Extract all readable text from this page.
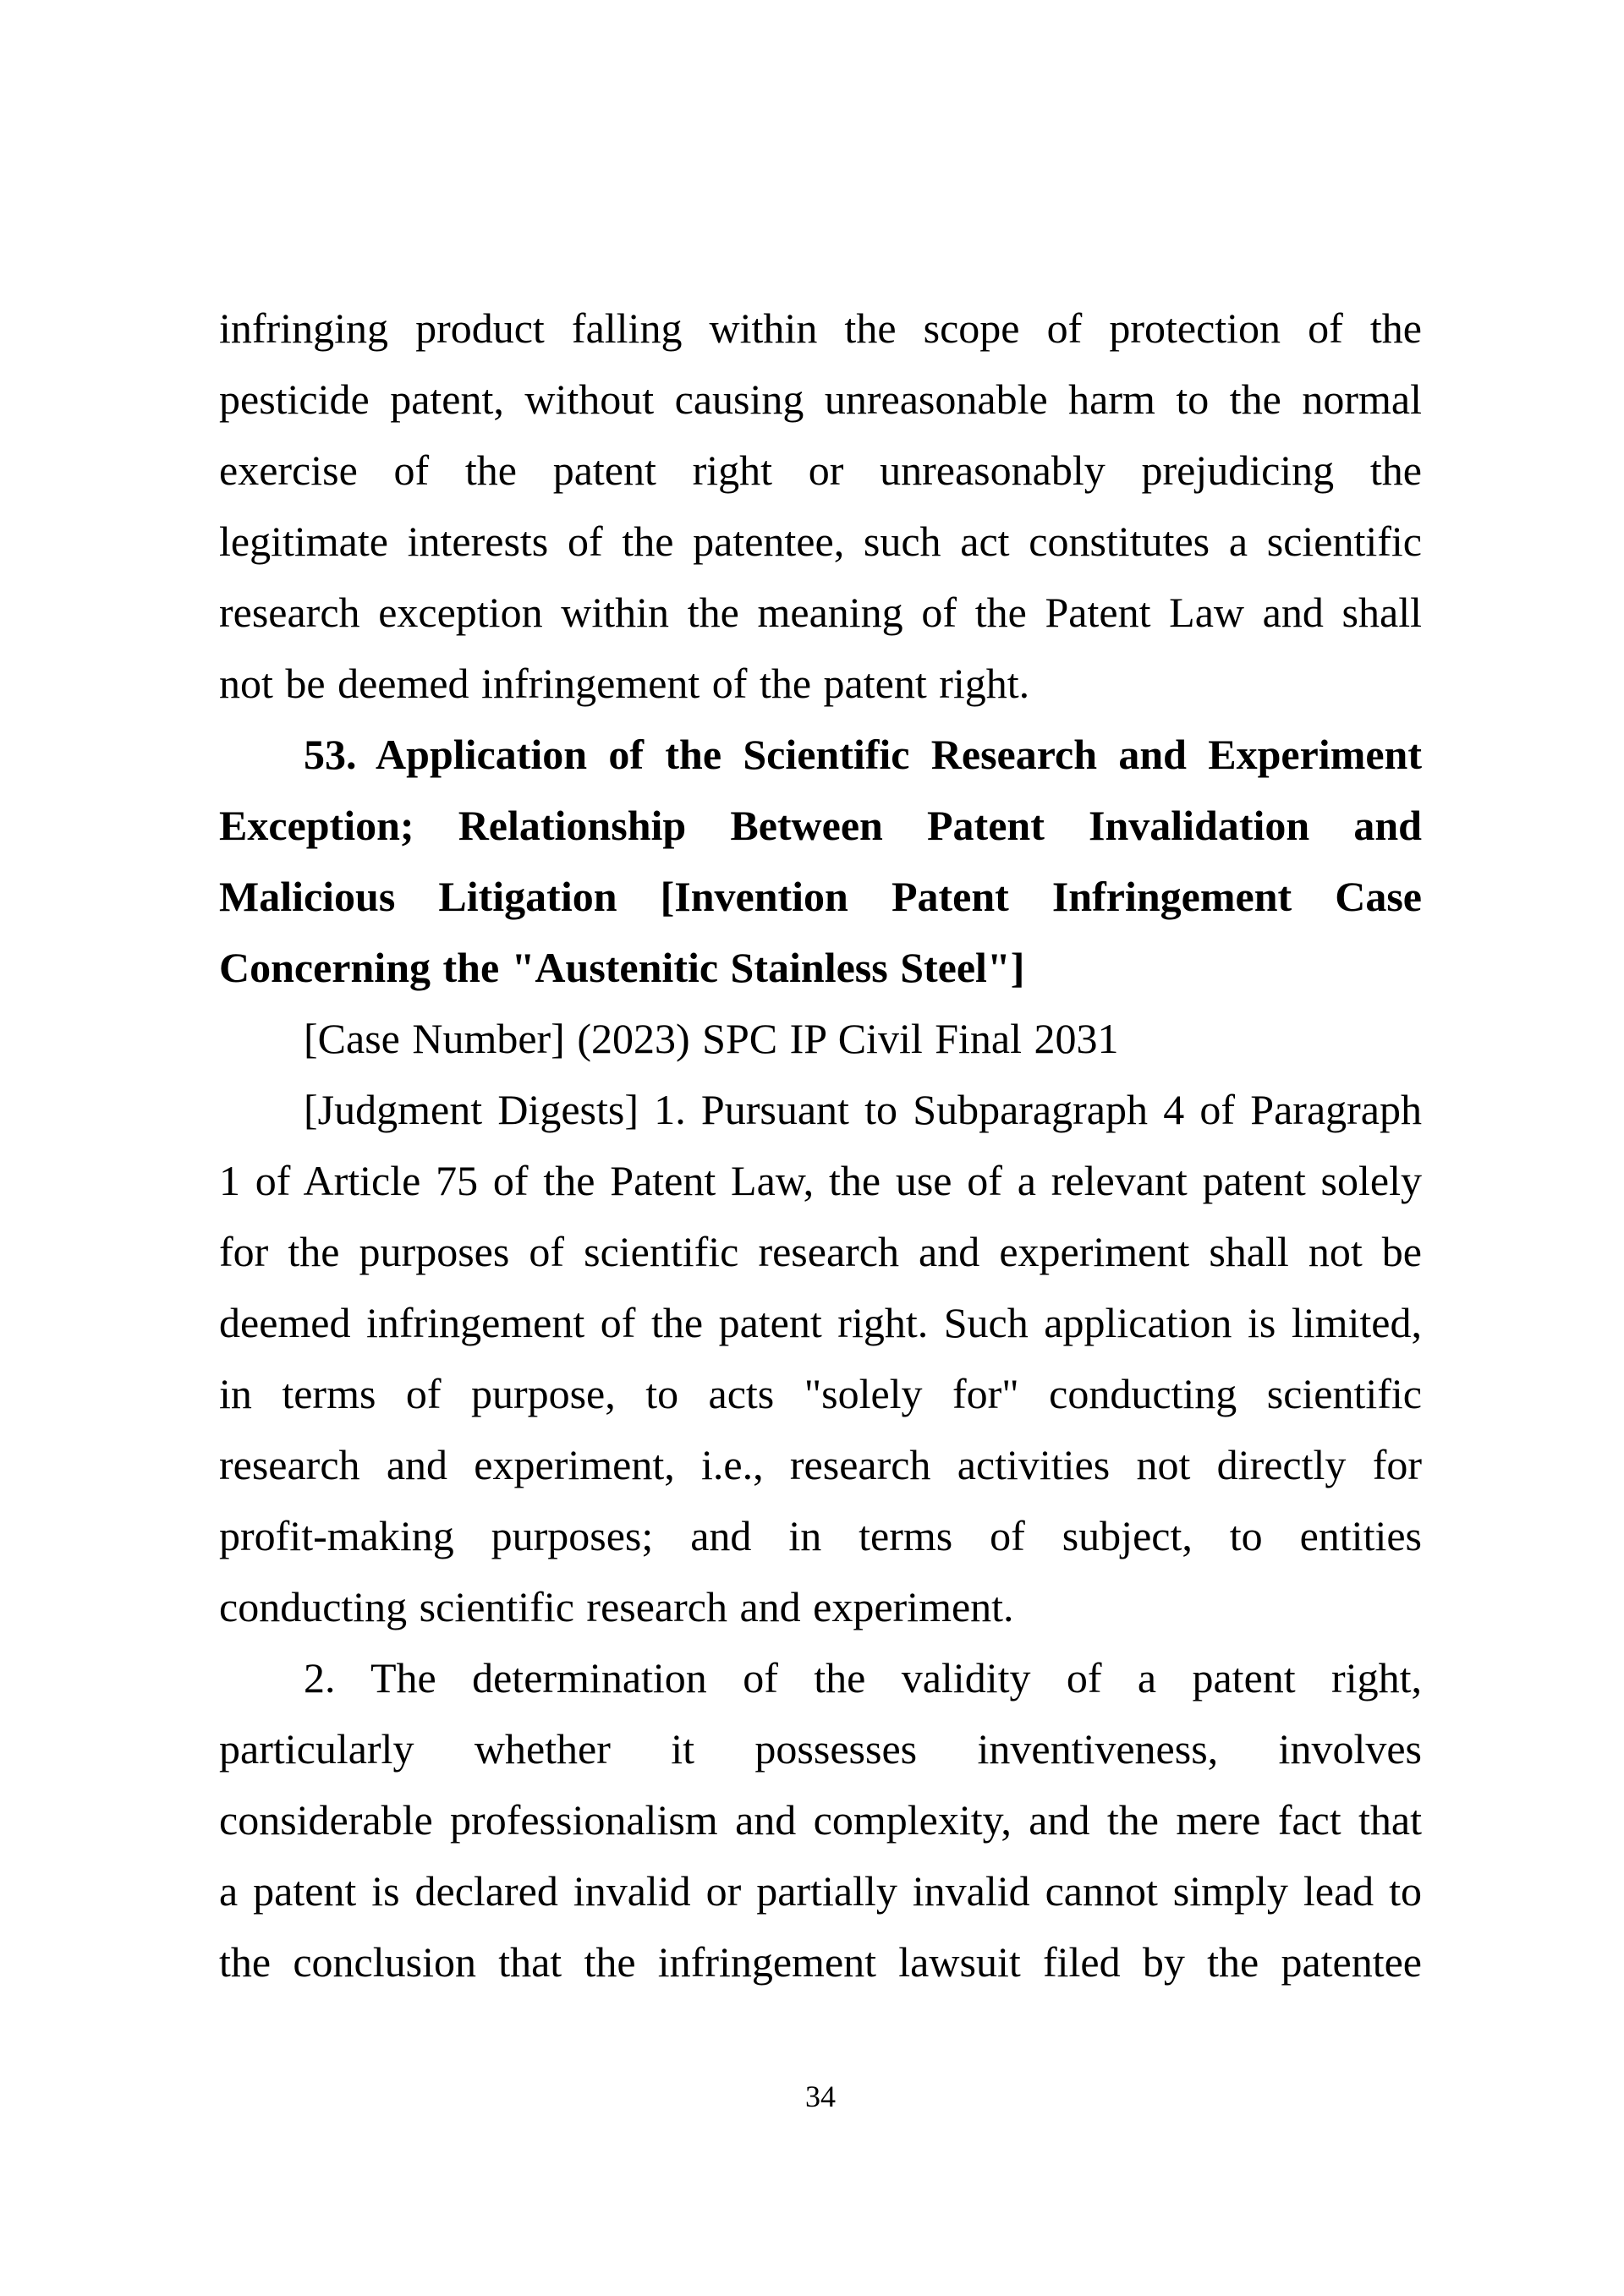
infringing product falling within the scope of protection of the
pesticide patent, without causing unreasonable harm to the normal
exercise of the patent right or unreasonably prejudicing the
legitimate interests of the patentee, such act constitutes a scientific
research exception within the meaning of the Patent Law and shall
not be deemed infringement of the patent right.
53. Application of the Scientific Research and Experiment
Exception; Relationship Between Patent Invalidation and
Malicious Litigation [Invention Patent Infringement Case
Concerning the "Austenitic Stainless Steel"]
[Case Number] (2023) SPC IP Civil Final 2031
[Judgment Digests] 1. Pursuant to Subparagraph 4 of Paragraph
1 of Article 75 of the Patent Law, the use of a relevant patent solely
for the purposes of scientific research and experiment shall not be
deemed infringement of the patent right. Such application is limited,
in terms of purpose, to acts "solely for" conducting scientific
research and experiment, i.e., research activities not directly for
profit-making purposes; and in terms of subject, to entities
conducting scientific research and experiment.
2. The determination of the validity of a patent right,
particularly whether it possesses inventiveness, involves
considerable professionalism and complexity, and the mere fact that
a patent is declared invalid or partially invalid cannot simply lead to
the conclusion that the infringement lawsuit filed by the patentee
34
